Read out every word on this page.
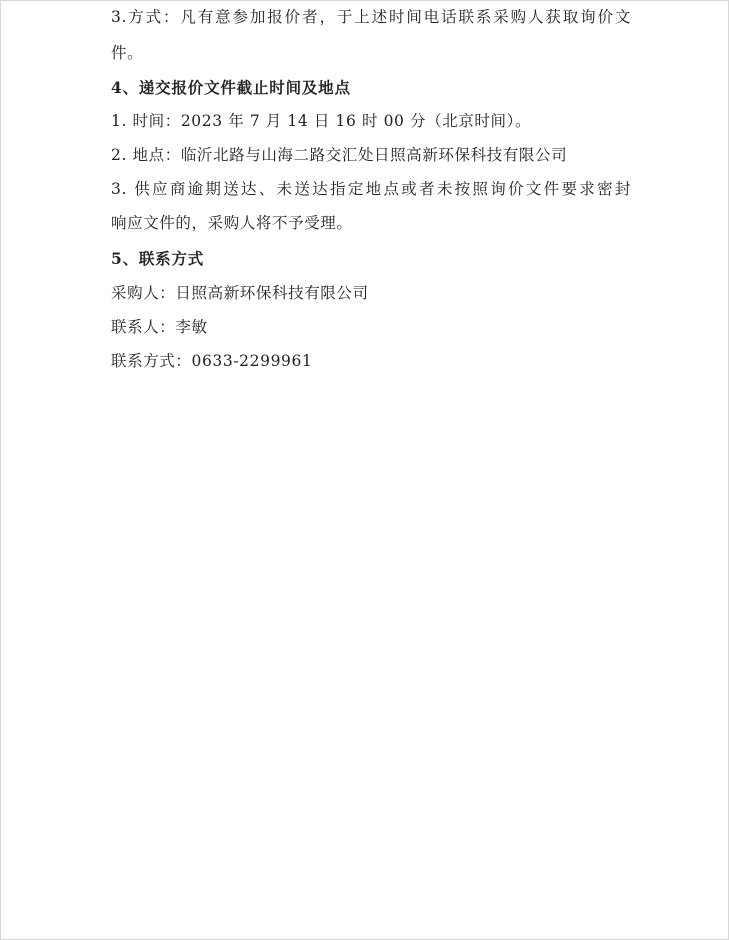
3.方式：凡有意参加报价者，于上述时间电话联系采购人获取询价文
件。
4、递交报价文件截止时间及地点
1. 时间：2023 年 7 月 14 日 16 时 00 分（北京时间）。
2. 地点：临沂北路与山海二路交汇处日照高新环保科技有限公司
3. 供应商逾期送达、未送达指定地点或者未按照询价文件要求密封
响应文件的，采购人将不予受理。
5、联系方式
采购人：日照高新环保科技有限公司
联系人：李敏
联系方式：0633-2299961
